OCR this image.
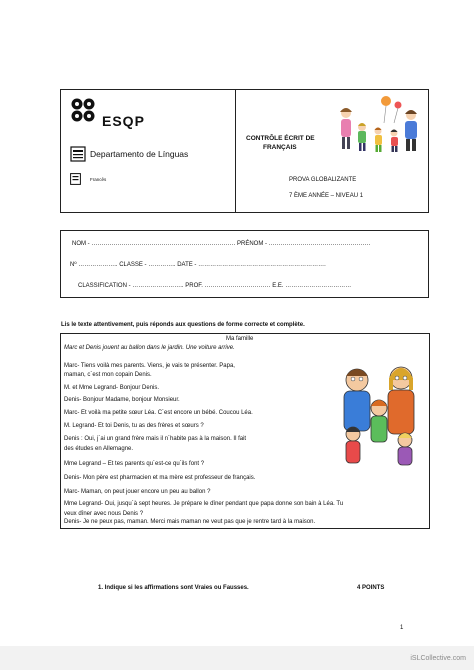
ESQP
Departamento de Línguas
Francês
CONTRÔLE ÉCRIT DE
FRANÇAIS
PROVA GLOBALIZANTE
7 ÈME ANNÉE – NIVEAU 1
NOM - ……………………………………………………………… PRÉNOM - ……………………………………………
Nº ……………….. CLASSE - ………….. DATE - ……………………………………………………….
CLASSIFICATION - …………………….. PROF. …………………………… E.E. ……………………………
Lis le texte attentivement, puis réponds aux questions de forme correcte et complète.
Ma famille
Marc et Denis jouent au ballon dans le jardin. Une voiture arrive.
Marc- Tiens voilà mes parents. Viens, je vais te présenter. Papa,
maman, c´est mon copain Denis.
M. et Mme Legrand- Bonjour Denis.
Denis- Bonjour Madame, bonjour Monsieur.
Marc- Et voilà ma petite sœur Léa. C´est encore un bébé. Coucou Léa.
M. Legrand- Et toi Denis, tu as des frères et sœurs ?
Denis : Oui, j´ai un grand frère mais il n´habite pas à la maison. Il fait
des études en Allemagne.
Mme Legrand – Et tes parents qu´est-ce qu´ils font ?
Denis- Mon père est pharmacien et ma mère est professeur de français.
Marc- Maman, on peut jouer encore un peu au ballon ?
Mme Legrand- Oui, jusqu´à sept heures. Je prépare le dîner pendant que papa donne son bain à Léa. Tu
veux dîner avec nous Denis ?
Denis- Je ne peux pas, maman. Merci mais maman ne veut pas que je rentre tard à la maison.
1. Indique si les affirmations sont Vraies ou Fausses.	4 POINTS
1
iSLCollective.com
